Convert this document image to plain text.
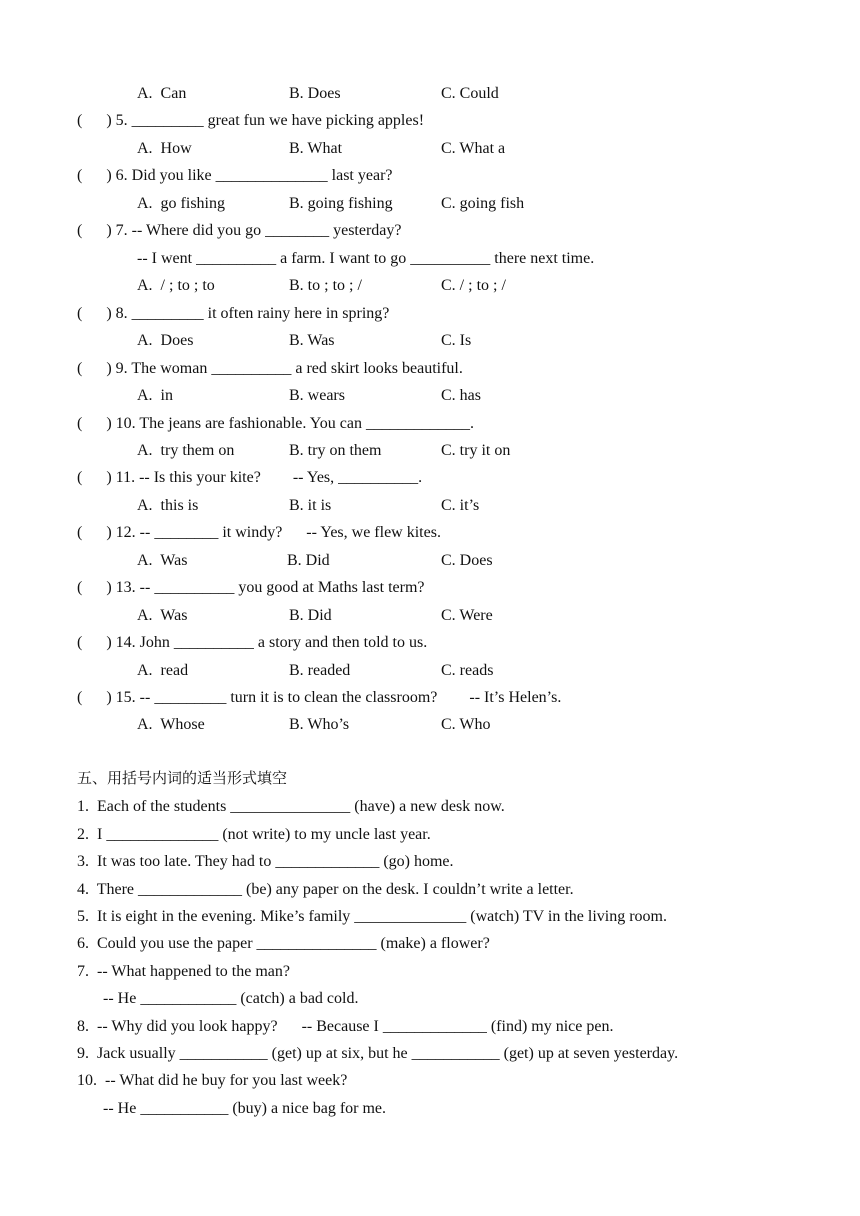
A.  Can	B. Does	C. Could
(      ) 5. _________ great fun we have picking apples!
A.  How	B. What	C. What a
(      ) 6. Did you like ______________ last year?
A.  go fishing	B. going fishing	C. going fish
(      ) 7. -- Where did you go ________ yesterday?
-- I went __________ a farm. I want to go __________ there next time.
A.  / ; to ; to	B. to ; to ; /	C. / ; to ; /
(      ) 8. _________ it often rainy here in spring?
A.  Does	B. Was	C. Is
(      ) 9. The woman __________ a red skirt looks beautiful.
A.  in	B. wears	C. has
(      ) 10. The jeans are fashionable. You can _____________.
A.  try them on	B. try on them	C. try it on
(      ) 11. -- Is this your kite?        -- Yes, __________.
A.  this is	B. it is	C. it’s
(      ) 12. -- ________ it windy?      -- Yes, we flew kites.
A.  Was	B. Did	C. Does
(      ) 13. -- __________ you good at Maths last term?
A.  Was	B. Did	C. Were
(      ) 14. John __________ a story and then told to us.
A.  read	B. readed	C. reads
(      ) 15. -- _________ turn it is to clean the classroom?        -- It’s Helen’s.
A.  Whose	B. Who’s	C. Who
五、用括号内词的适当形式填空
1.  Each of the students _______________ (have) a new desk now.
2.  I ______________ (not write) to my uncle last year.
3.  It was too late. They had to _____________ (go) home.
4.  There _____________ (be) any paper on the desk. I couldn’t write a letter.
5.  It is eight in the evening. Mike’s family ______________ (watch) TV in the living room.
6.  Could you use the paper _______________ (make) a flower?
7.  -- What happened to the man?
-- He ____________ (catch) a bad cold.
8.  -- Why did you look happy?      -- Because I _____________ (find) my nice pen.
9.  Jack usually ___________ (get) up at six, but he ___________ (get) up at seven yesterday.
10.  -- What did he buy for you last week?
-- He ___________ (buy) a nice bag for me.
